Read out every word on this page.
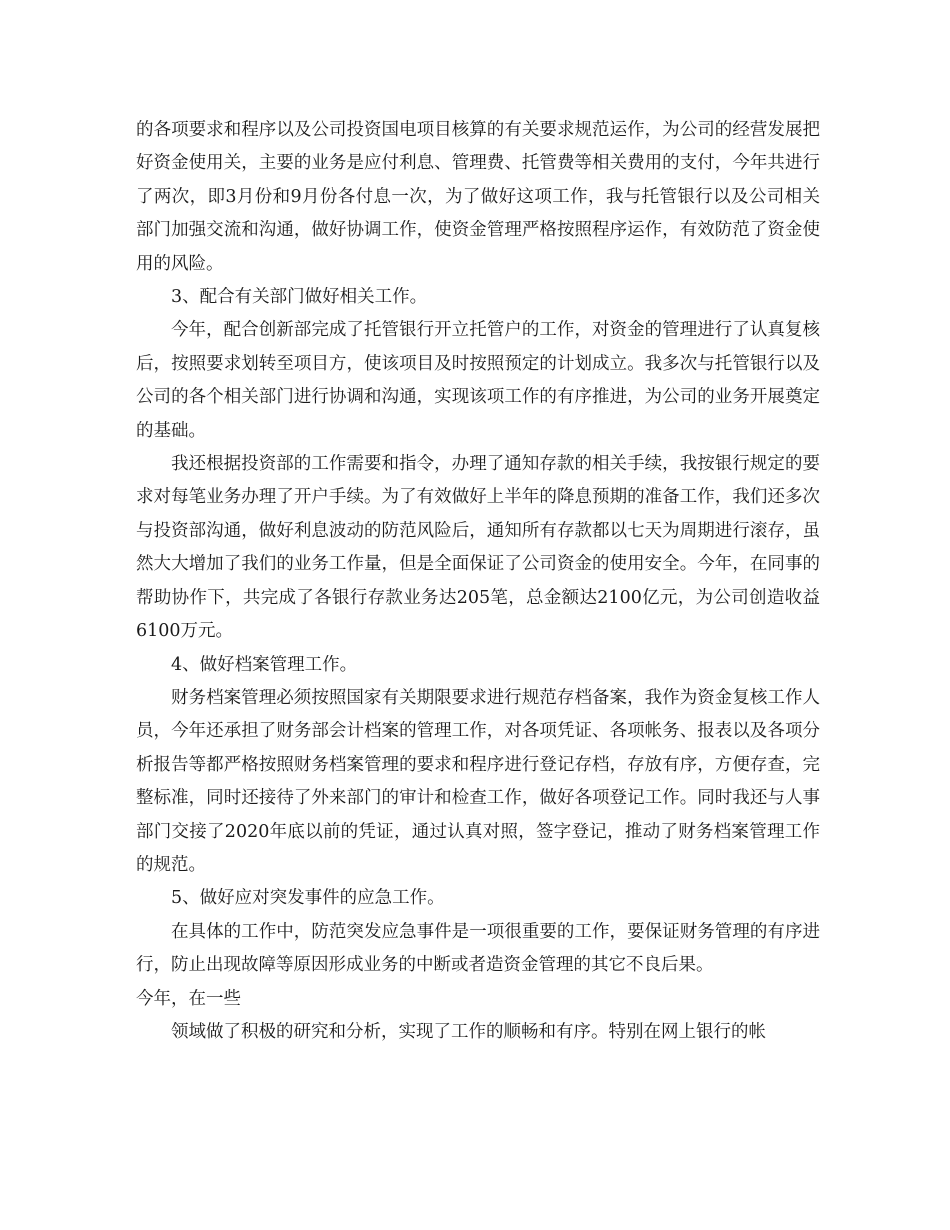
的各项要求和程序以及公司投资国电项目核算的有关要求规范运作，为公司的经营发展把好资金使用关，主要的业务是应付利息、管理费、托管费等相关费用的支付，今年共进行了两次，即3月份和9月份各付息一次，为了做好这项工作，我与托管银行以及公司相关部门加强交流和沟通，做好协调工作，使资金管理严格按照程序运作，有效防范了资金使用的风险。

3、配合有关部门做好相关工作。

今年，配合创新部完成了托管银行开立托管户的工作，对资金的管理进行了认真复核后，按照要求划转至项目方，使该项目及时按照预定的计划成立。我多次与托管银行以及公司的各个相关部门进行协调和沟通，实现该项工作的有序推进，为公司的业务开展奠定的基础。

我还根据投资部的工作需要和指令，办理了通知存款的相关手续，我按银行规定的要求对每笔业务办理了开户手续。为了有效做好上半年的降息预期的准备工作，我们还多次与投资部沟通，做好利息波动的防范风险后，通知所有存款都以七天为周期进行滚存，虽然大大增加了我们的业务工作量，但是全面保证了公司资金的使用安全。今年，在同事的帮助协作下，共完成了各银行存款业务达205笔，总金额达2100亿元，为公司创造收益6100万元。

4、做好档案管理工作。

财务档案管理必须按照国家有关期限要求进行规范存档备案，我作为资金复核工作人员，今年还承担了财务部会计档案的管理工作，对各项凭证、各项帐务、报表以及各项分析报告等都严格按照财务档案管理的要求和程序进行登记存档，存放有序，方便存查，完整标准，同时还接待了外来部门的审计和检查工作，做好各项登记工作。同时我还与人事部门交接了2020年底以前的凭证，通过认真对照，签字登记，推动了财务档案管理工作的规范。

5、做好应对突发事件的应急工作。

在具体的工作中，防范突发应急事件是一项很重要的工作，要保证财务管理的有序进行，防止出现故障等原因形成业务的中断或者造资金管理的其它不良后果。

今年，在一些

领域做了积极的研究和分析，实现了工作的顺畅和有序。特别在网上银行的帐
